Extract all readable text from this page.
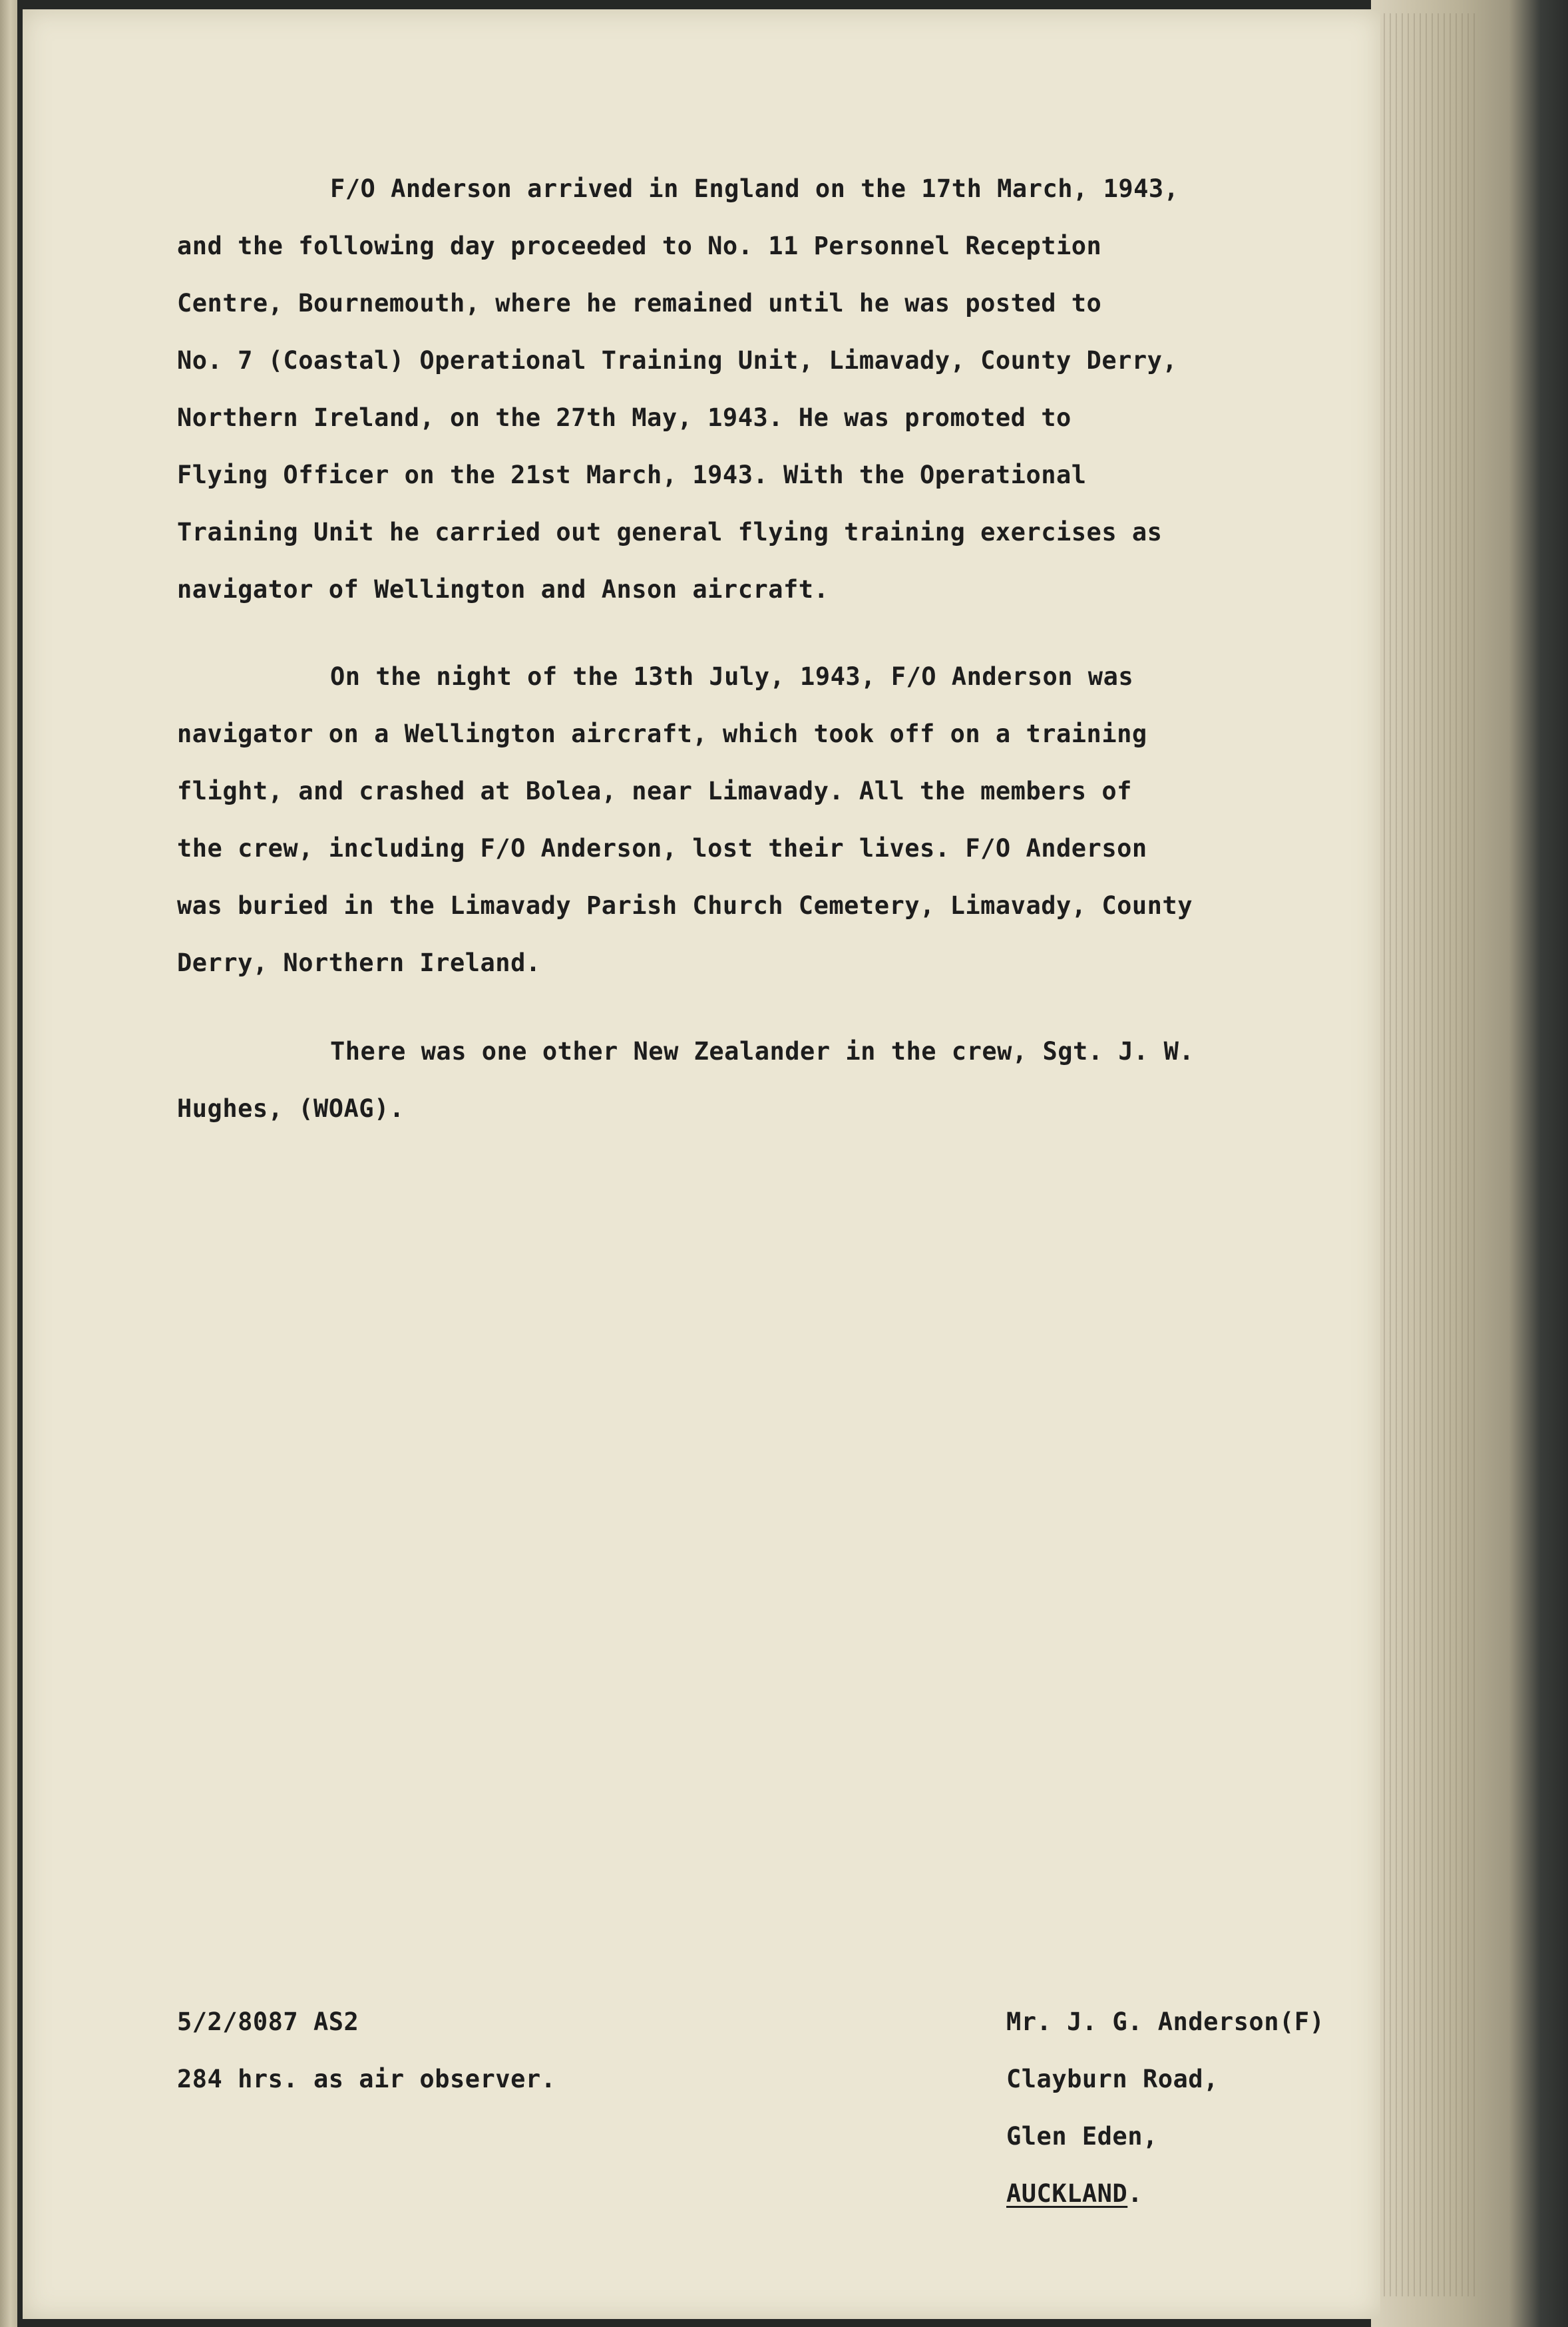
F/O Anderson arrived in England on the 17th March, 1943,

and the following day proceeded to No. 11 Personnel Reception

Centre, Bournemouth, where he remained until he was posted to

No. 7 (Coastal) Operational Training Unit, Limavady, County Derry,

Northern Ireland, on the 27th May, 1943. He was promoted to

Flying Officer on the 21st March, 1943. With the Operational

Training Unit he carried out general flying training exercises as

navigator of Wellington and Anson aircraft.

On the night of the 13th July, 1943, F/O Anderson was

navigator on a Wellington aircraft, which took off on a training

flight, and crashed at Bolea, near Limavady. All the members of

the crew, including F/O Anderson, lost their lives. F/O Anderson

was buried in the Limavady Parish Church Cemetery, Limavady, County

Derry, Northern Ireland.

There was one other New Zealander in the crew, Sgt. J. W.

Hughes, (WOAG).

5/2/8087 AS2

284 hrs. as air observer.

Mr. J. G. Anderson(F)

Clayburn Road,

Glen Eden,

AUCKLAND.
